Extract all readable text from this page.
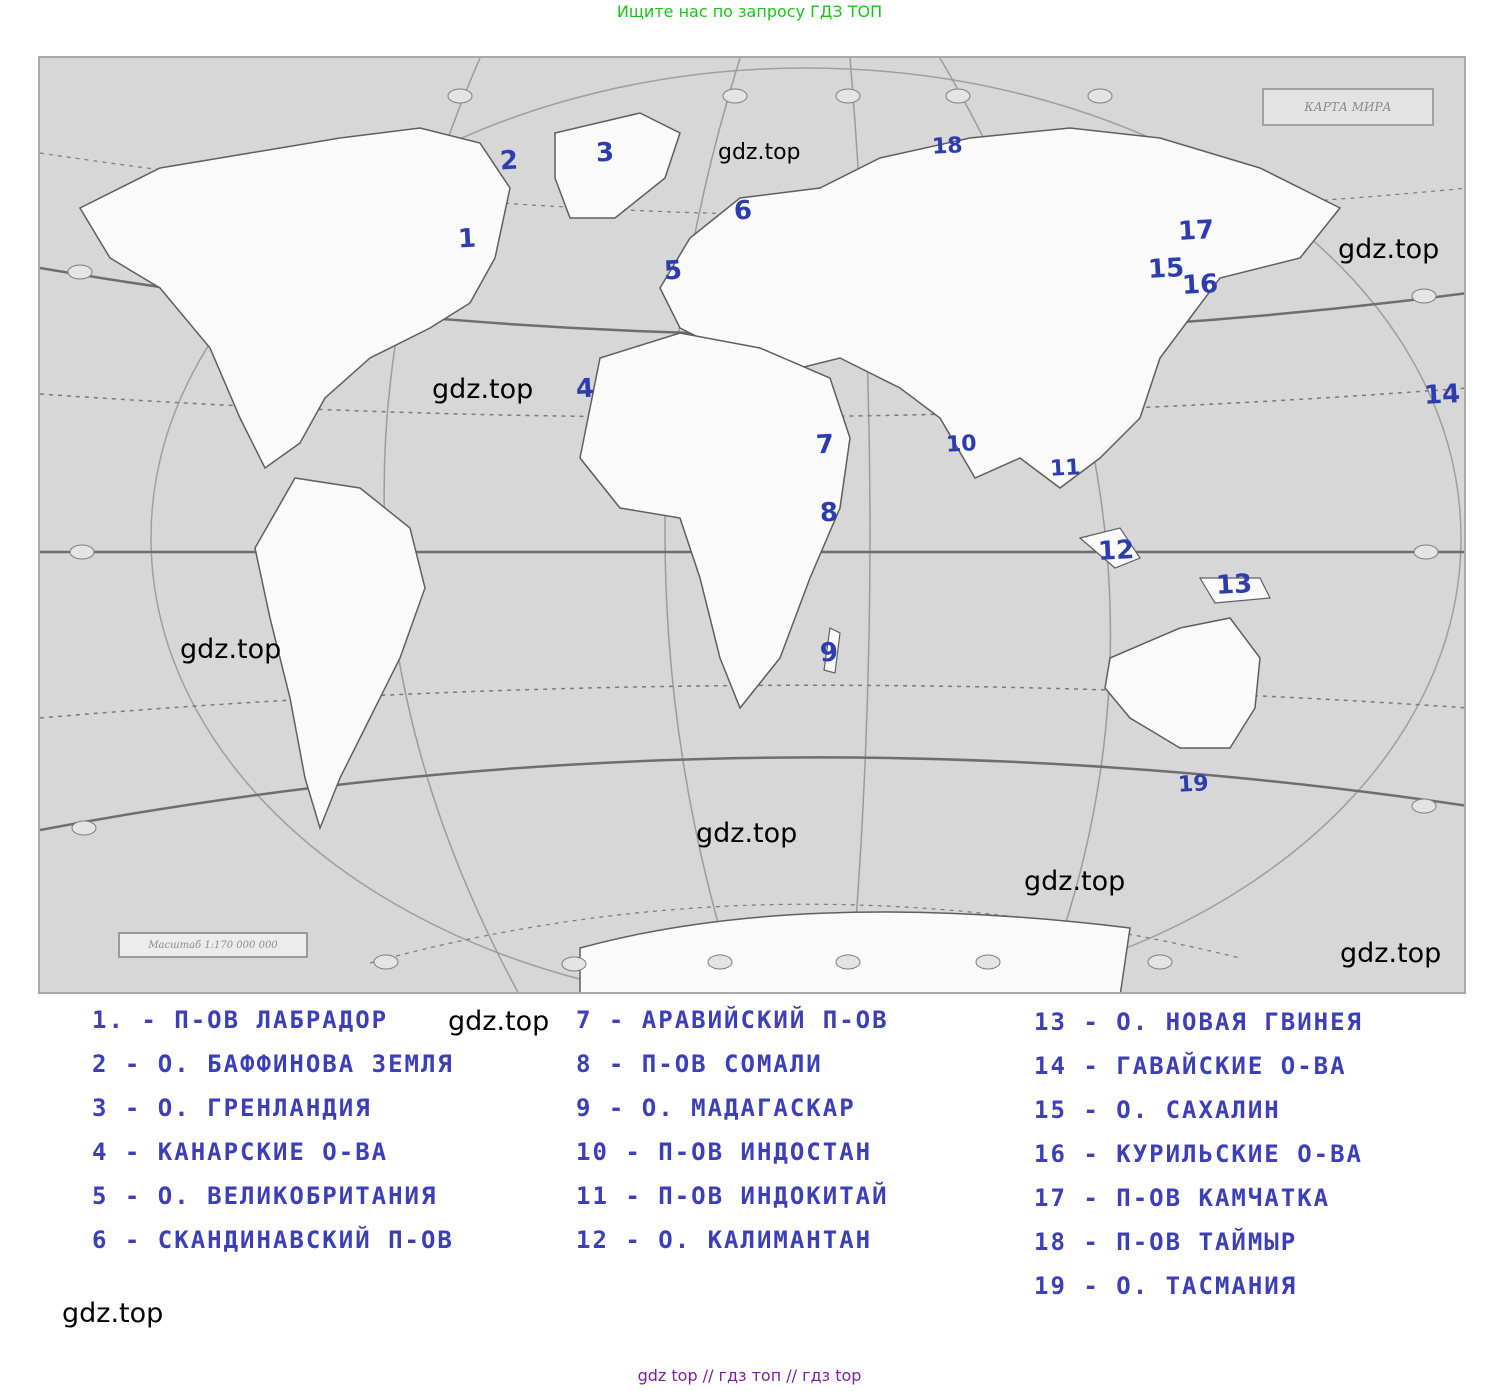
Ищите нас по запросу ГДЗ ТОП
КАРТА МИРА
Масштаб 1:170 000 000
1
2	3
4
5
6
7
8
9
10
11
12
13
14
15
16
17
18
19
gdz.top
gdz.top
gdz.top
gdz.top
gdz.top
gdz.top
gdz.top
gdz.top
gdz.top
1. - П-ОВ ЛАБРАДОР
2 - О. БАФФИНОВА ЗЕМЛЯ
3 - О. ГРЕНЛАНДИЯ
4 - КАНАРСКИЕ О-ВА
5 - О. ВЕЛИКОБРИТАНИЯ
6 - СКАНДИНАВСКИЙ П-ОВ
7 - АРАВИЙСКИЙ П-ОВ
8 - П-ОВ СОМАЛИ
9 - О. МАДАГАСКАР
10 - П-ОВ ИНДОСТАН
11 - П-ОВ ИНДОКИТАЙ
12 - О. КАЛИМАНТАН
13 - О. НОВАЯ ГВИНЕЯ
14 - ГАВАЙСКИЕ О-ВА
15 - О. САХАЛИН
16 - КУРИЛЬСКИЕ О-ВА
17 - П-ОВ КАМЧАТКА
18 - П-ОВ ТАЙМЫР
19 - О. ТАСМАНИЯ
gdz top // гдз топ // гдз top
